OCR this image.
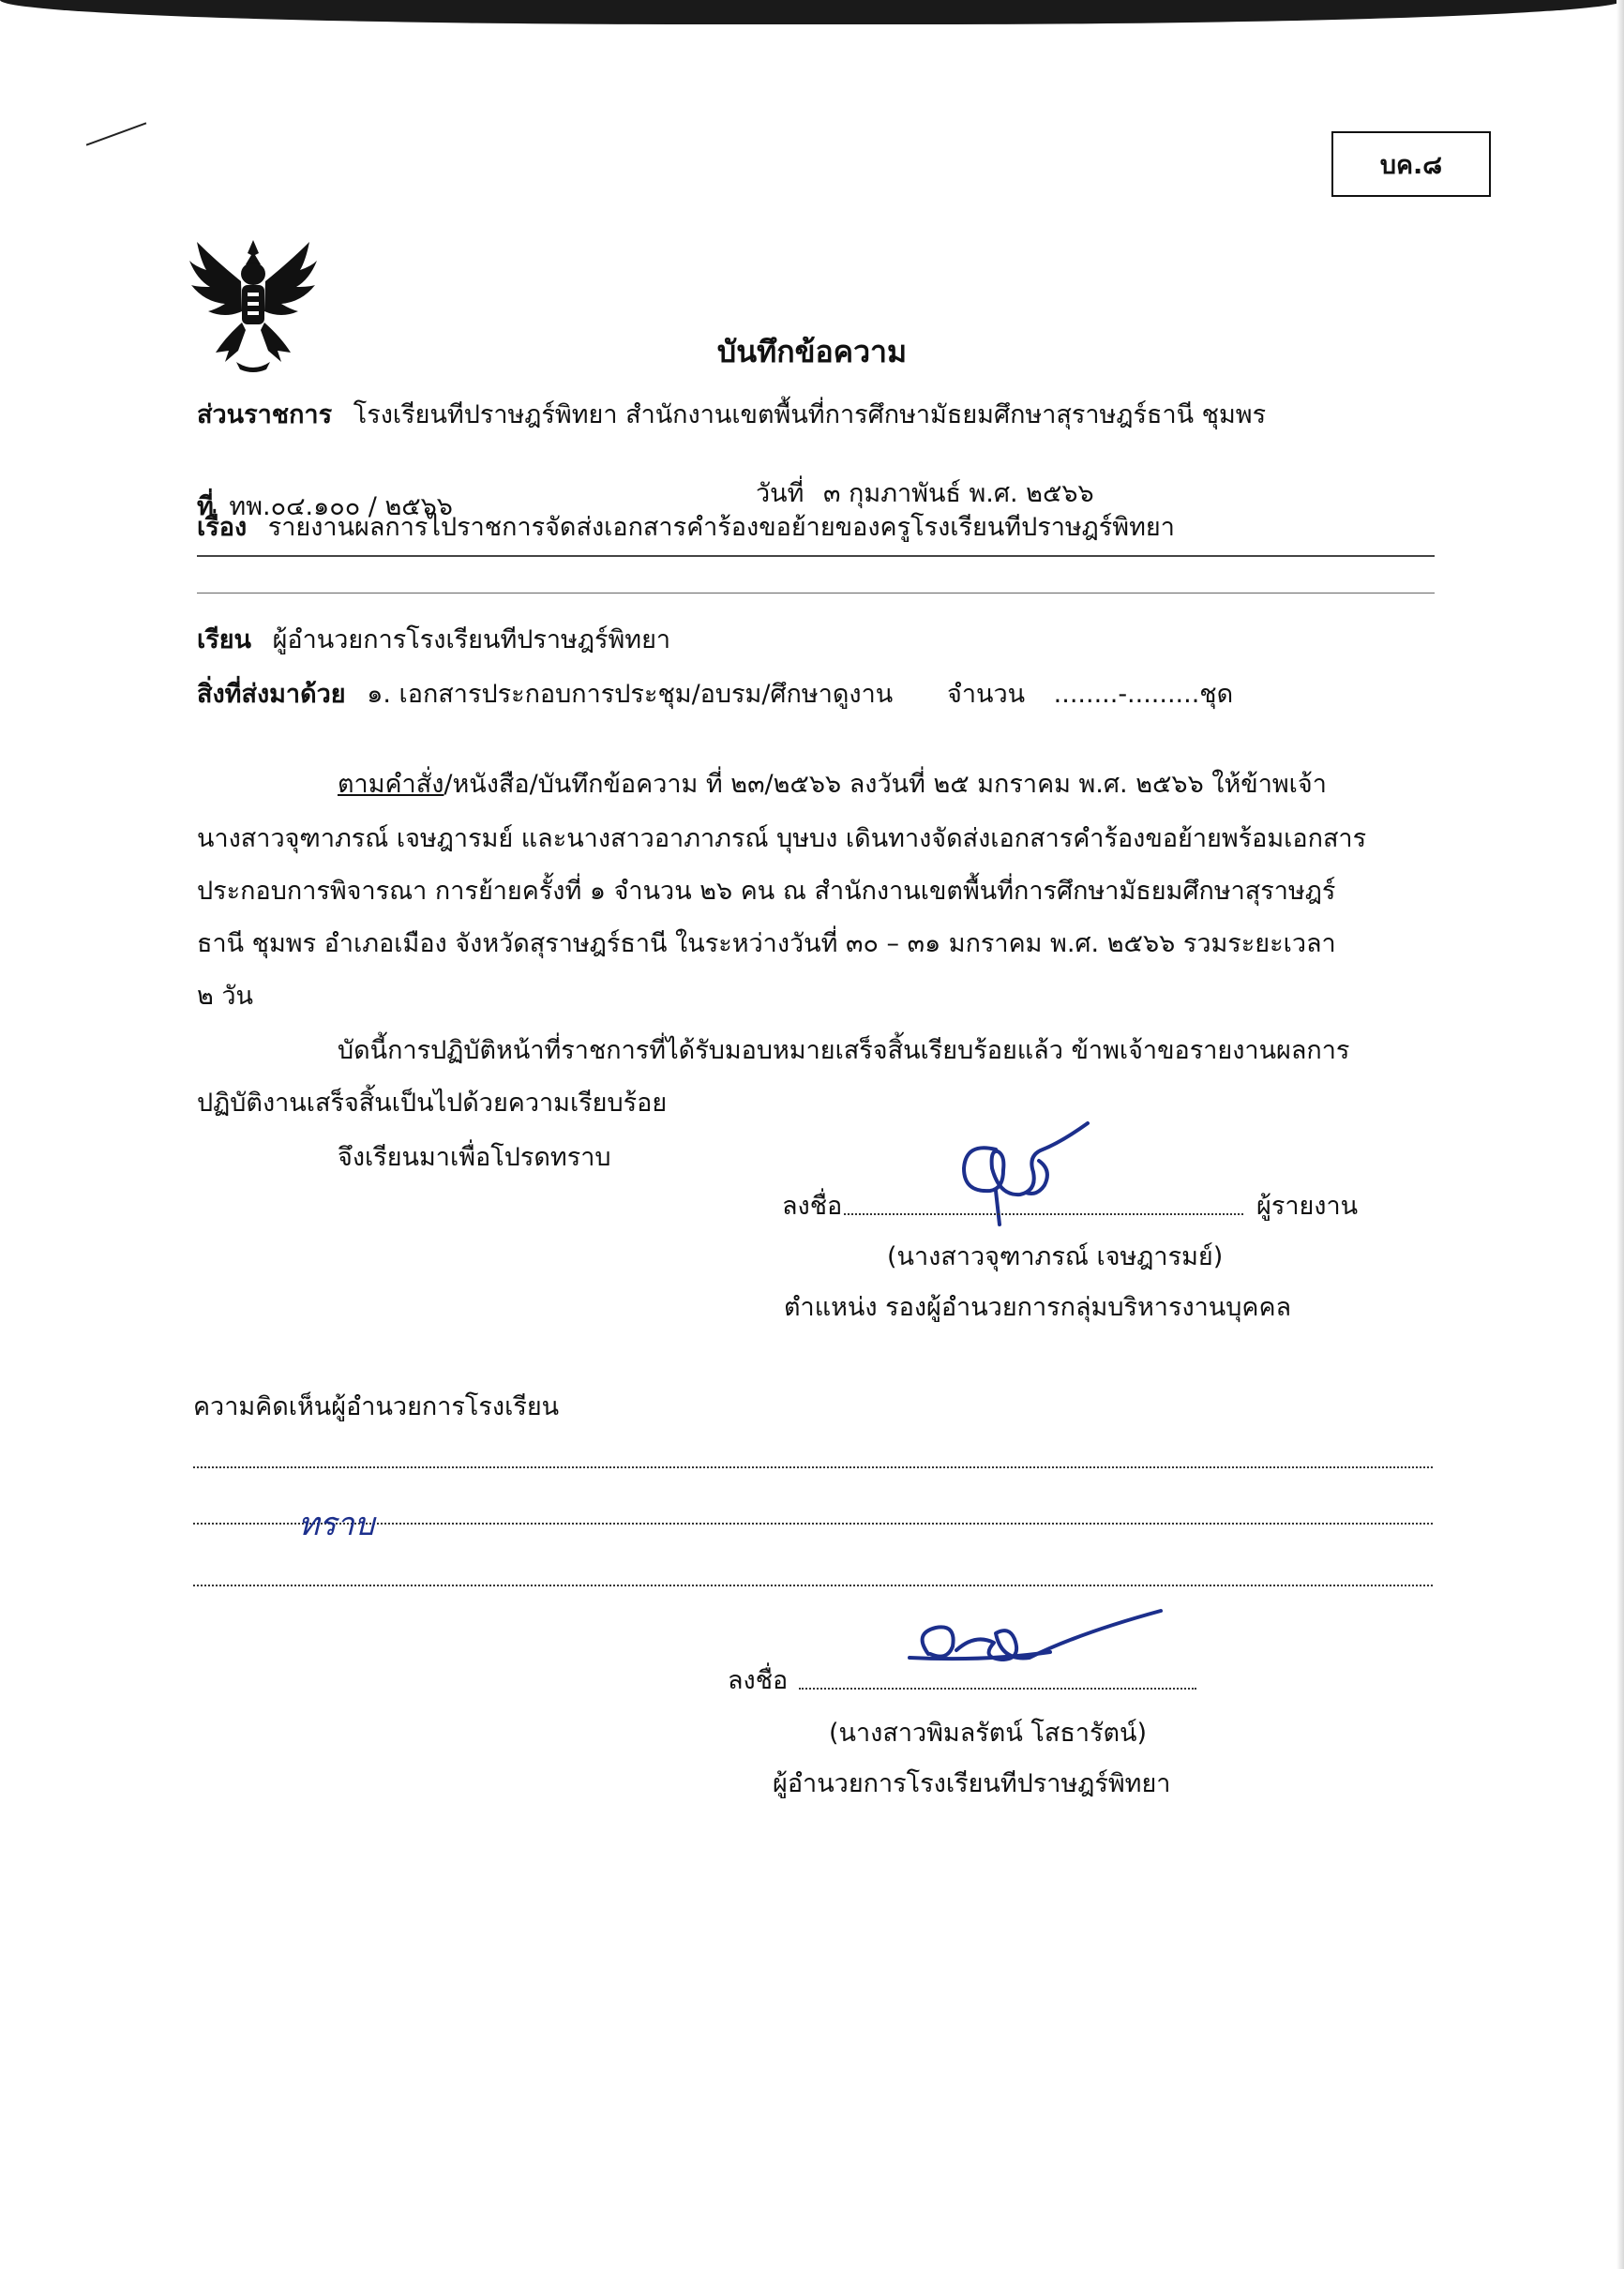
บค.๘
บันทึกข้อความ
ส่วนราชการ โรงเรียนทีปราษฎร์พิทยา สำนักงานเขตพื้นที่การศึกษามัธยมศึกษาสุราษฎร์ธานี ชุมพร
ที่ ทพ.๐๔.๑๐๐ / ๒๕๖๖	วันที่ ๓ กุมภาพันธ์ พ.ศ. ๒๕๖๖
เรื่อง รายงานผลการไปราชการจัดส่งเอกสารคำร้องขอย้ายของครูโรงเรียนทีปราษฎร์พิทยา
เรียน ผู้อำนวยการโรงเรียนทีปราษฎร์พิทยา
สิ่งที่ส่งมาด้วย ๑. เอกสารประกอบการประชุม/อบรม/ศึกษาดูงาน จำนวน ........-.........ชุด
ตามคำสั่ง/หนังสือ/บันทึกข้อความ ที่ ๒๓/๒๕๖๖ ลงวันที่ ๒๕ มกราคม พ.ศ. ๒๕๖๖ ให้ข้าพเจ้า
นางสาวจุฑาภรณ์ เจษฎารมย์ และนางสาวอาภาภรณ์ บุษบง เดินทางจัดส่งเอกสารคำร้องขอย้ายพร้อมเอกสาร
ประกอบการพิจารณา การย้ายครั้งที่ ๑ จำนวน ๒๖ คน ณ สำนักงานเขตพื้นที่การศึกษามัธยมศึกษาสุราษฎร์
ธานี ชุมพร อำเภอเมือง จังหวัดสุราษฎร์ธานี ในระหว่างวันที่ ๓๐ – ๓๑ มกราคม พ.ศ. ๒๕๖๖ รวมระยะเวลา
๒ วัน
บัดนี้การปฏิบัติหน้าที่ราชการที่ได้รับมอบหมายเสร็จสิ้นเรียบร้อยแล้ว ข้าพเจ้าขอรายงานผลการ
ปฏิบัติงานเสร็จสิ้นเป็นไปด้วยความเรียบร้อย
จึงเรียนมาเพื่อโปรดทราบ
ลงชื่อ	ผู้รายงาน
(นางสาวจุฑาภรณ์ เจษฎารมย์)
ตำแหน่ง รองผู้อำนวยการกลุ่มบริหารงานบุคคล
ความคิดเห็นผู้อำนวยการโรงเรียน
ทราบ
ลงชื่อ
(นางสาวพิมลรัตน์ โสธารัตน์)
ผู้อำนวยการโรงเรียนทีปราษฎร์พิทยา
